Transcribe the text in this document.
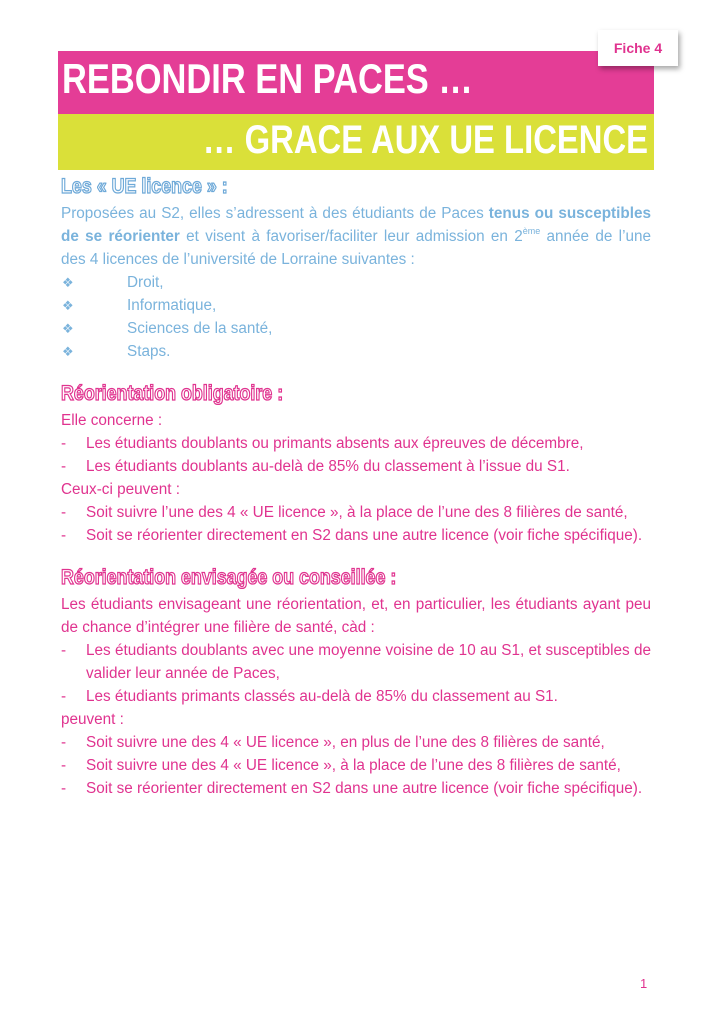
Fiche 4
REBONDIR EN PACES …
… GRACE AUX UE LICENCE
Les « UE licence » :

Proposées au S2, elles s’adressent à des étudiants de Paces tenus ou susceptibles de se réorienter et visent à favoriser/faciliter leur admission en 2ème année de l’une des 4 licences de l’université de Lorraine suivantes :

❖	Droit,
❖	Informatique,
❖	Sciences de la santé,
❖	Staps.
Réorientation obligatoire :

Elle concerne :

-	Les étudiants doublants ou primants absents aux épreuves de décembre,
-	Les étudiants doublants au-delà de 85% du classement à l’issue du S1.

Ceux-ci peuvent :

-	Soit suivre l’une des 4 « UE licence », à la place de l’une des 8 filières de santé,
-	Soit se réorienter directement en S2 dans une autre licence (voir fiche spécifique).
Réorientation envisagée ou conseillée :

Les étudiants envisageant une réorientation, et, en particulier, les étudiants ayant peu de chance d’intégrer une filière de santé, càd :

-	Les étudiants doublants avec une moyenne voisine de 10 au S1, et susceptibles de valider leur année de Paces,
-	Les étudiants primants classés au-delà de 85% du classement au S1.

peuvent :

-	Soit suivre une des 4 « UE licence », en plus de l’une des 8 filières de santé,
-	Soit suivre une des 4 « UE licence », à la place de l’une des 8 filières de santé,
-	Soit se réorienter directement en S2 dans une autre licence (voir fiche spécifique).
1
